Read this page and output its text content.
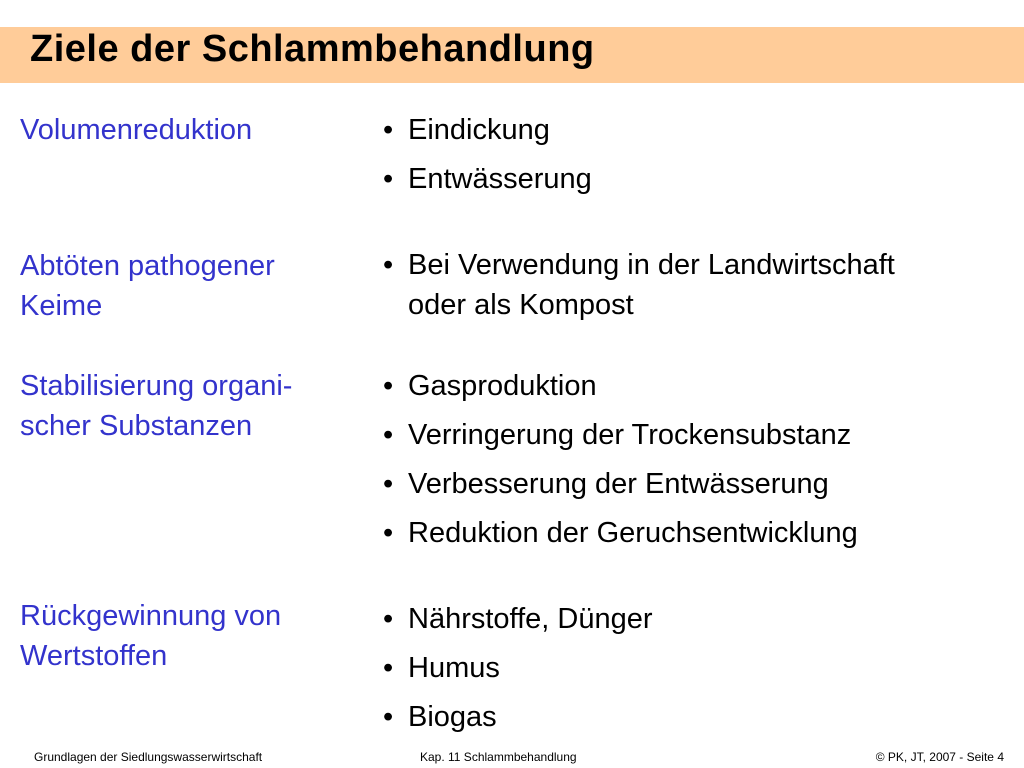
Ziele der Schlammbehandlung
Volumenreduktion
•	Eindickung
• Entwässerung
Abtöten pathogener
Keime
• Bei Verwendung in der Landwirtschaft
oder als Kompost
Stabilisierung organi-
scher Substanzen
• Gasproduktion
• Verringerung der Trockensubstanz
• Verbesserung der Entwässerung
• Reduktion der Geruchsentwicklung
Rückgewinnung von
Wertstoffen
• Nährstoffe, Dünger
• Humus
• Biogas
Grundlagen der Siedlungswasserwirtschaft	Kap. 11 Schlammbehandlung	© PK, JT, 2007 - Seite 4
